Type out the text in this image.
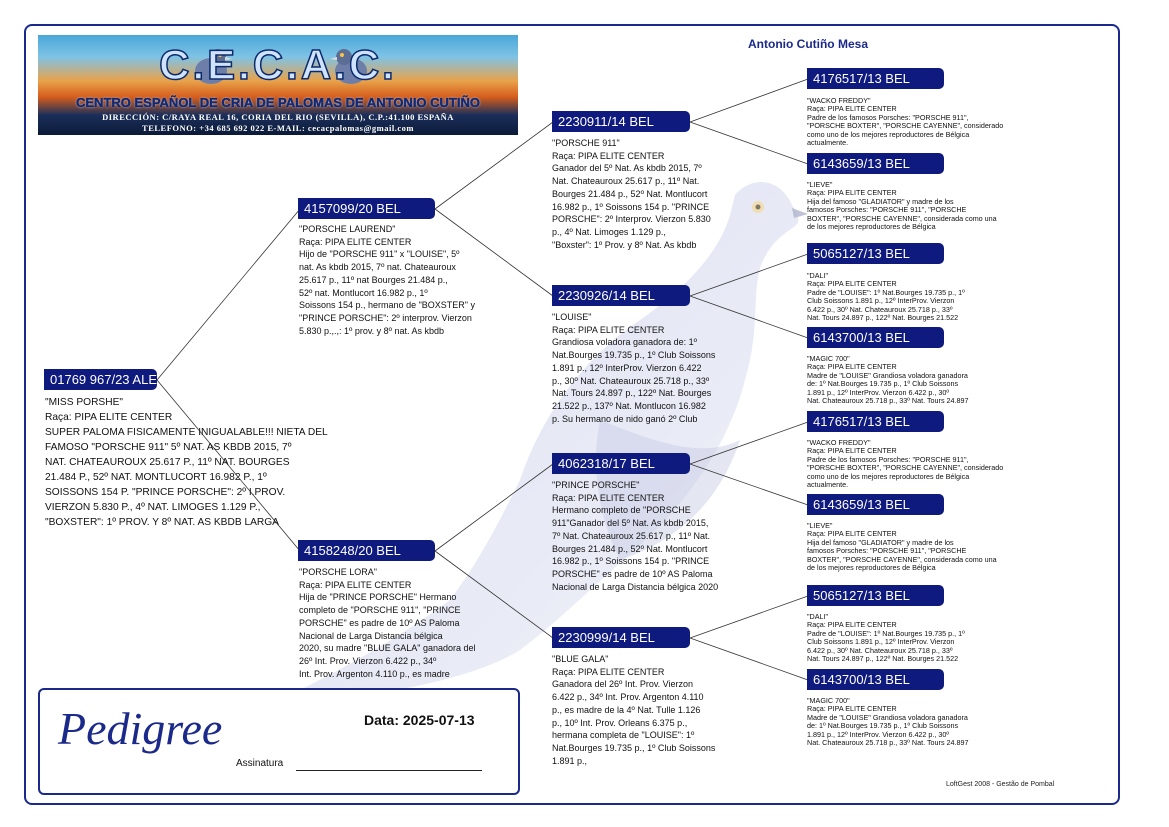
C.E.C.A.C.
CENTRO ESPAÑOL DE CRIA DE PALOMAS DE ANTONIO CUTIÑO
DIRECCIÓN: C/RAYA REAL 16, CORIA DEL RIO (SEVILLA), C.P.:41.100 ESPAÑA
TELEFONO: +34 685 692 022 E-MAIL: cecacpalomas@gmail.com
Antonio Cutiño Mesa
01769 967/23 ALE
"MISS PORSHE"
Raça: PIPA ELITE CENTER
SUPER PALOMA FISICAMENTE INIGUALABLE!!! NIETA DEL
FAMOSO "PORSCHE 911" 5º NAT. AS KBDB 2015, 7º
NAT. CHATEAUROUX 25.617 P., 11º NAT. BOURGES
21.484 P., 52º NAT. MONTLUCORT 16.982 P., 1º
SOISSONS 154 P. "PRINCE PORSCHE": 2º I.PROV.
VIERZON 5.830 P., 4º NAT. LIMOGES 1.129 P.,
"BOXSTER": 1º PROV. Y 8º NAT. AS KBDB LARGA
4157099/20 BEL
"PORSCHE LAUREND"
Raça: PIPA ELITE CENTER
Hijo de "PORSCHE 911" x "LOUISE", 5º
nat. As kbdb 2015, 7º nat. Chateauroux
25.617 p., 11º nat Bourges 21.484 p.,
52º nat. Montlucort 16.982 p., 1º
Soissons 154 p., hermano de "BOXSTER" y
"PRINCE PORSCHE": 2º interprov. Vierzon
5.830 p.,.,: 1º prov. y 8º nat. As kbdb
4158248/20 BEL
"PORSCHE LORA"
Raça: PIPA ELITE CENTER
Hija de "PRINCE PORSCHE" Hermano
completo de "PORSCHE 911", "PRINCE
PORSCHE" es padre de 10º AS Paloma
Nacional de Larga Distancia bélgica
2020, su madre "BLUE GALA" ganadora del
26º Int. Prov. Vierzon 6.422 p., 34º
Int. Prov. Argenton 4.110 p., es madre
2230911/14 BEL
"PORSCHE 911"
Raça: PIPA ELITE CENTER
Ganador del 5º Nat. As kbdb 2015, 7º
Nat. Chateauroux 25.617 p., 11º Nat.
Bourges 21.484 p., 52º Nat. Montlucort
16.982 p., 1º Soissons 154 p. "PRINCE
PORSCHE": 2º Interprov. Vierzon 5.830
p., 4º Nat. Limoges 1.129 p.,
"Boxster": 1º Prov. y 8º Nat. As kbdb
2230926/14 BEL
"LOUISE"
Raça: PIPA ELITE CENTER
Grandiosa voladora ganadora de: 1º
Nat.Bourges 19.735 p., 1º Club Soissons
1.891 p., 12º InterProv. Vierzon 6.422
p., 30º Nat. Chateauroux 25.718 p., 33º
Nat. Tours 24.897 p., 122º Nat. Bourges
21.522 p., 137º Nat. Montlucon 16.982
p. Su hermano de nido ganó 2º Club
4062318/17 BEL
"PRINCE PORSCHE"
Raça: PIPA ELITE CENTER
Hermano completo de "PORSCHE
911"Ganador del 5º Nat. As kbdb 2015,
7º Nat. Chateauroux 25.617 p., 11º Nat.
Bourges 21.484 p., 52º Nat. Montlucort
16.982 p., 1º Soissons 154 p. "PRINCE
PORSCHE" es padre de 10º AS Paloma
Nacional de Larga Distancia bélgica 2020
2230999/14 BEL
"BLUE GALA"
Raça: PIPA ELITE CENTER
Ganadora del 26º Int. Prov. Vierzon
6.422 p., 34º Int. Prov. Argenton 4.110
p., es madre de la 4º Nat. Tulle 1.126
p., 10º Int. Prov. Orleans 6.375 p.,
hermana completa de "LOUISE": 1º
Nat.Bourges 19.735 p., 1º Club Soissons
1.891 p.,
4176517/13 BEL
"WACKO FREDDY"
Raça: PIPA ELITE CENTER
Padre de los famosos Porsches: "PORSCHE 911",
"PORSCHE BOXTER", "PORSCHE CAYENNE", considerado
como uno de los mejores reproductores de Bélgica
actualmente.
6143659/13 BEL
"LIEVE"
Raça: PIPA ELITE CENTER
Hija del famoso "GLADIATOR" y madre de los
famosos Porsches: "PORSCHE 911", "PORSCHE
BOXTER", "PORSCHE CAYENNE", considerada como una
de los mejores reproductores de Bélgica
5065127/13 BEL
"DALI"
Raça: PIPA ELITE CENTER
Padre de "LOUISE": 1º Nat.Bourges 19.735 p., 1º
Club Soissons 1.891 p., 12º InterProv. Vierzon
6.422 p., 30º Nat. Chateauroux 25.718 p., 33º
Nat. Tours 24.897 p., 122º Nat. Bourges 21.522
6143700/13 BEL
"MAGIC 700"
Raça: PIPA ELITE CENTER
Madre de "LOUISE" Grandiosa voladora ganadora
de: 1º Nat.Bourges 19.735 p., 1º Club Soissons
1.891 p., 12º InterProv. Vierzon 6.422 p., 30º
Nat. Chateauroux 25.718 p., 33º Nat. Tours 24.897
4176517/13 BEL
"WACKO FREDDY"
Raça: PIPA ELITE CENTER
Padre de los famosos Porsches: "PORSCHE 911",
"PORSCHE BOXTER", "PORSCHE CAYENNE", considerado
como uno de los mejores reproductores de Bélgica
actualmente.
6143659/13 BEL
"LIEVE"
Raça: PIPA ELITE CENTER
Hija del famoso "GLADIATOR" y madre de los
famosos Porsches: "PORSCHE 911", "PORSCHE
BOXTER", "PORSCHE CAYENNE", considerada como una
de los mejores reproductores de Bélgica
5065127/13 BEL
"DALI"
Raça: PIPA ELITE CENTER
Padre de "LOUISE": 1º Nat.Bourges 19.735 p., 1º
Club Soissons 1.891 p., 12º InterProv. Vierzon
6.422 p., 30º Nat. Chateauroux 25.718 p., 33º
Nat. Tours 24.897 p., 122º Nat. Bourges 21.522
6143700/13 BEL
"MAGIC 700"
Raça: PIPA ELITE CENTER
Madre de "LOUISE" Grandiosa voladora ganadora
de: 1º Nat.Bourges 19.735 p., 1º Club Soissons
1.891 p., 12º InterProv. Vierzon 6.422 p., 30º
Nat. Chateauroux 25.718 p., 33º Nat. Tours 24.897
Pedigree	Data: 2025-07-13
Assinatura
LoftGest 2008 - Gestão de Pombal
